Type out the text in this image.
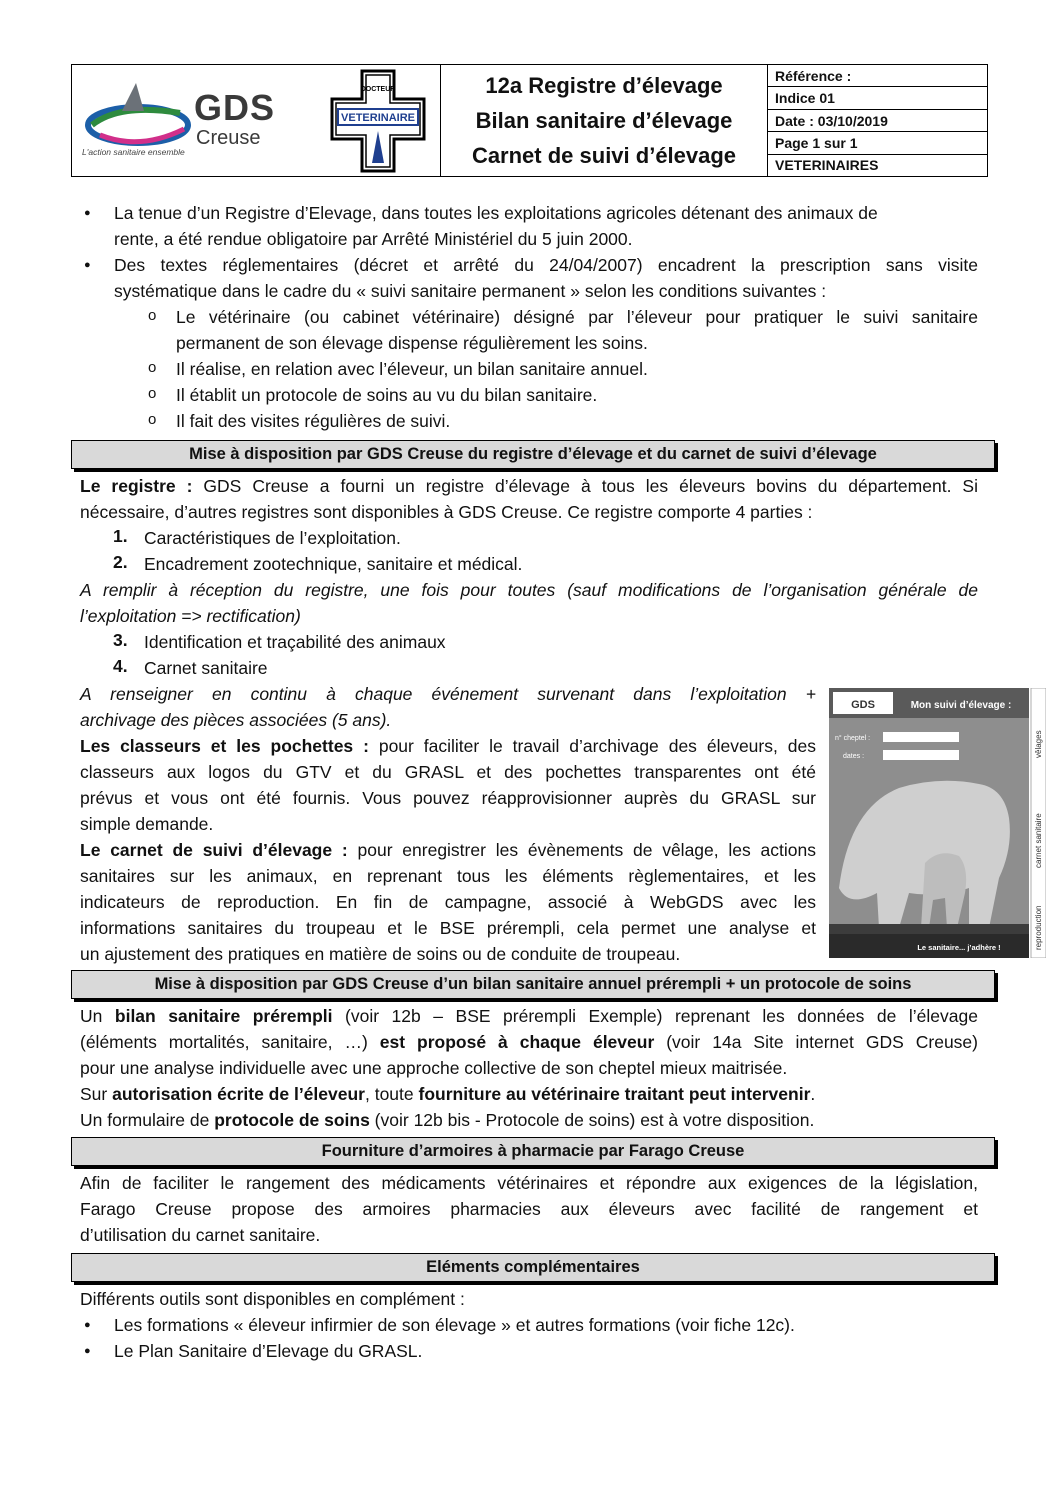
GDS
Creuse
L'action sanitaire ensemble
DOCTEUR
VETERINAIRE
12a Registre d’élevage
Bilan sanitaire d’élevage
Carnet de suivi d’élevage
Référence :
Indice 01
Date : 03/10/2019
Page 1 sur 1
VETERINAIRES
● La tenue d’un Registre d’Elevage, dans toutes les exploitations agricoles détenant des animaux de
rente, a été rendue obligatoire par Arrêté Ministériel du 5 juin 2000.
● Des textes réglementaires (décret et arrêté du 24/04/2007) encadrent la prescription sans visite
systématique dans le cadre du « suivi sanitaire permanent » selon les conditions suivantes :
o Le vétérinaire (ou cabinet vétérinaire) désigné par l’éleveur pour pratiquer le suivi sanitaire
permanent de son élevage dispense régulièrement les soins.
o Il réalise, en relation avec l’éleveur, un bilan sanitaire annuel.
o Il établit un protocole de soins au vu du bilan sanitaire.
o Il fait des visites régulières de suivi.
Mise à disposition par GDS Creuse du registre d’élevage et du carnet de suivi d’élevage
Le registre : GDS Creuse a fourni un registre d’élevage à tous les éleveurs bovins du département. Si
nécessaire, d’autres registres sont disponibles à GDS Creuse. Ce registre comporte 4 parties :
1. Caractéristiques de l’exploitation.
2. Encadrement zootechnique, sanitaire et médical.
A remplir à réception du registre, une fois pour toutes (sauf modifications de l’organisation générale de
l’exploitation => rectification)
3. Identification et traçabilité des animaux
4. Carnet sanitaire
A renseigner en continu à chaque événement survenant dans l’exploitation +
archivage des pièces associées (5 ans).
Les classeurs et les pochettes : pour faciliter le travail d’archivage des éleveurs, des
classeurs aux logos du GTV et du GRASL et des pochettes transparentes ont été
prévus et vous ont été fournis. Vous pouvez réapprovisionner auprès du GRASL sur
simple demande.
Le carnet de suivi d’élevage : pour enregistrer les évènements de vêlage, les actions
sanitaires sur les animaux, en reprenant tous les éléments règlementaires, et les
indicateurs de reproduction. En fin de campagne, associé à WebGDS avec les
informations sanitaires du troupeau et le BSE prérempli, cela permet une analyse et
un ajustement des pratiques en matière de soins ou de conduite de troupeau.
GDS	Mon suivi d’élevage :
n° cheptel :
dates :
Le sanitaire... j’adhère !
vêlages
carnet sanitaire
reproduction
Mise à disposition par GDS Creuse d’un bilan sanitaire annuel prérempli + un protocole de soins
Un bilan sanitaire prérempli (voir 12b – BSE prérempli Exemple) reprenant les données de l’élevage
(éléments mortalités, sanitaire, …) est proposé à chaque éleveur (voir 14a Site internet GDS Creuse)
pour une analyse individuelle avec une approche collective de son cheptel mieux maitrisée.
Sur autorisation écrite de l’éleveur, toute fourniture au vétérinaire traitant peut intervenir.
Un formulaire de protocole de soins (voir 12b bis - Protocole de soins) est à votre disposition.
Fourniture d’armoires à pharmacie par Farago Creuse
Afin de faciliter le rangement des médicaments vétérinaires et répondre aux exigences de la législation,
Farago Creuse propose des armoires pharmacies aux éleveurs avec facilité de rangement et
d’utilisation du carnet sanitaire.
Eléments complémentaires
Différents outils sont disponibles en complément :
● Les formations « éleveur infirmier de son élevage » et autres formations (voir fiche 12c).
● Le Plan Sanitaire d’Elevage du GRASL.
